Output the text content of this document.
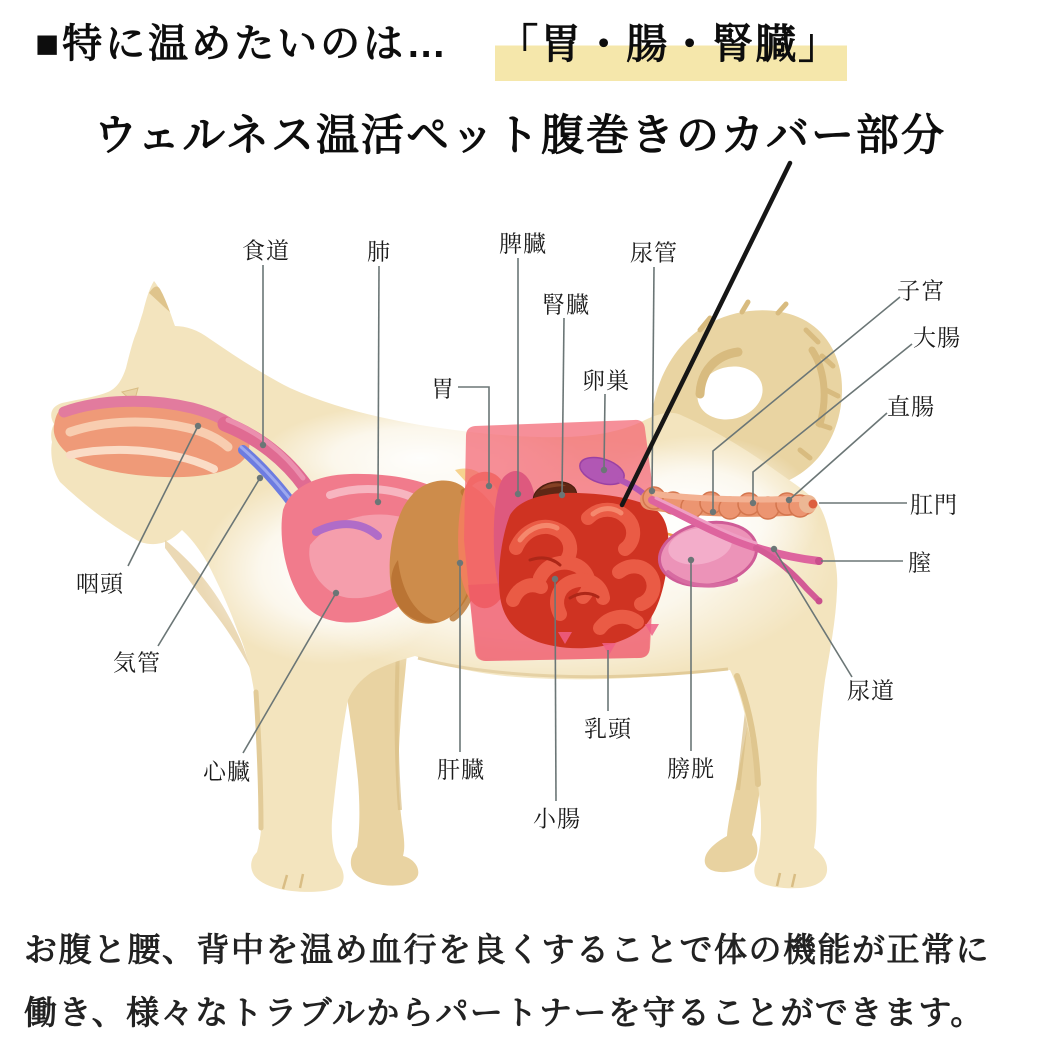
■特に温めたいのは… 「胃・腸・腎臓」
ウェルネス温活ペット腹巻きのカバー部分
食道	肺	脾臓
腎臓
尿管
胃	卵巣
子宮
大腸
直腸
肛門
膣
尿道
膀胱
乳頭
小腸
肝臓
心臓
気管
咽頭
お腹と腰、背中を温め血行を良くすることで体の機能が正常に
働き、様々なトラブルからパートナーを守ることができます。
